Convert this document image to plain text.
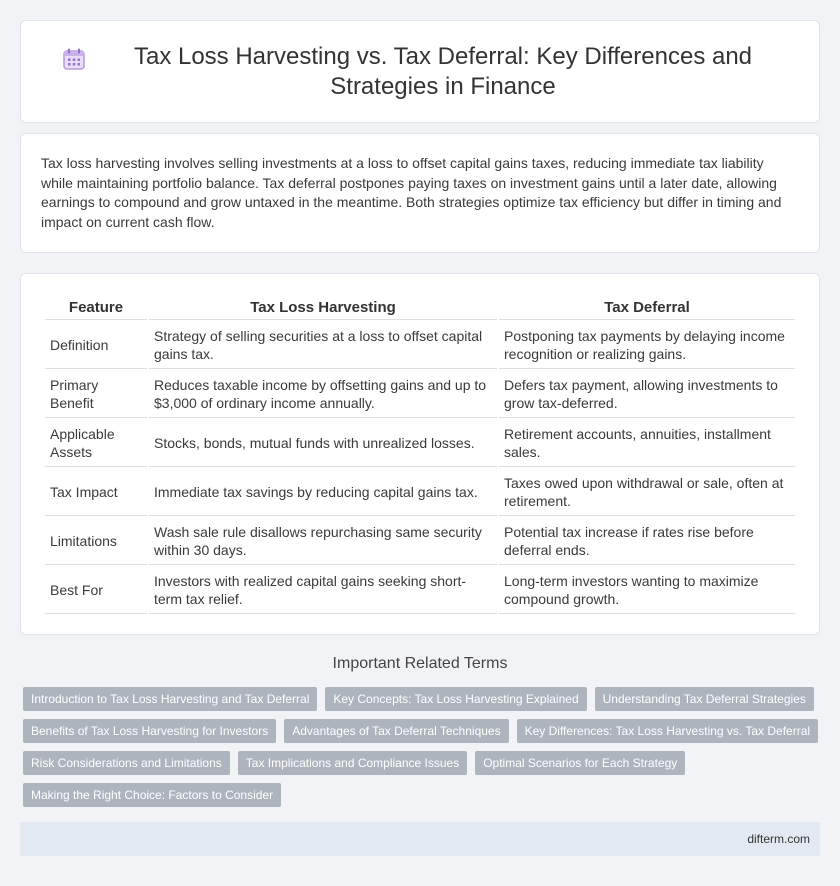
Tax Loss Harvesting vs. Tax Deferral: Key Differences and Strategies in Finance

Tax loss harvesting involves selling investments at a loss to offset capital gains taxes, reducing immediate tax liability while maintaining portfolio balance. Tax deferral postpones paying taxes on investment gains until a later date, allowing earnings to compound and grow untaxed in the meantime. Both strategies optimize tax efficiency but differ in timing and impact on current cash flow.

Feature	Tax Loss Harvesting	Tax Deferral
Definition	Strategy of selling securities at a loss to offset capital gains tax.	Postponing tax payments by delaying income recognition or realizing gains.
Primary Benefit	Reduces taxable income by offsetting gains and up to $3,000 of ordinary income annually.	Defers tax payment, allowing investments to grow tax-deferred.
Applicable Assets	Stocks, bonds, mutual funds with unrealized losses.	Retirement accounts, annuities, installment sales.
Tax Impact	Immediate tax savings by reducing capital gains tax.	Taxes owed upon withdrawal or sale, often at retirement.
Limitations	Wash sale rule disallows repurchasing same security within 30 days.	Potential tax increase if rates rise before deferral ends.
Best For	Investors with realized capital gains seeking short-term tax relief.	Long-term investors wanting to maximize compound growth.
Important Related Terms
Introduction to Tax Loss Harvesting and Tax Deferral	Key Concepts: Tax Loss Harvesting Explained	Understanding Tax Deferral Strategies
Benefits of Tax Loss Harvesting for Investors	Advantages of Tax Deferral Techniques	Key Differences: Tax Loss Harvesting vs. Tax Deferral
Risk Considerations and Limitations	Tax Implications and Compliance Issues	Optimal Scenarios for Each Strategy
Making the Right Choice: Factors to Consider
difterm.com
